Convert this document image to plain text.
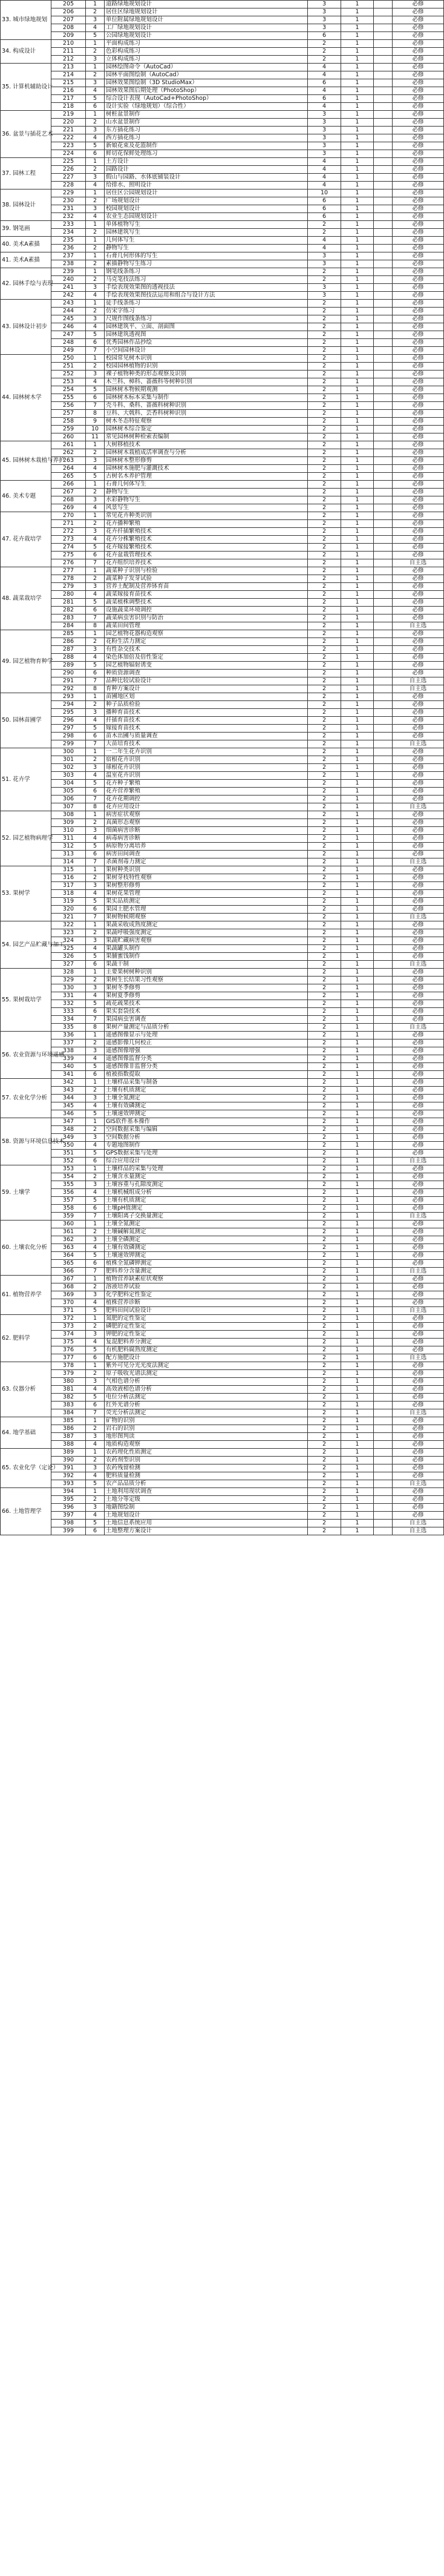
33. 城市绿地规划	205	1	道路绿地规划设计	3	1		必修
	206	2	居住区绿地规划设计	3	1		必修
	207	3	单位附属绿地规划设计	3	1		必修
	208	4	工厂绿地规划设计	3	1		必修
	209	5	公园绿地规划设计	6	1		必修
34. 构成设计	210	1	平面构成练习	2	1		必修
	211	2	色彩构成练习	2	1		必修
	212	3	立体构成练习	2	1		必修
35. 计算机辅助设计	213	1	园林绘图命令（AutoCad）	4	1		必修
	214	2	园林平面图绘制（AutoCad）	4	1		必修
	215	3	园林效果图绘制（3D StudioMax）	6	1		必修
	216	4	园林效果图后期处理（PhotoShop）	4	1		必修
	217	5	综合设计表现（AutoCad+PhotoShop）	6	1		必修
	218	6	设计实验（绿地规划）（综合性）	4	1		必修
36. 盆景与插花艺术	219	1	树桩盆景制作	3	1		必修
	220	2	山水盆景制作	3	1		必修
	221	3	东方插花练习	3	1		必修
	222	4	西方插花练习	3	1		必修
	223	5	新娘花束及花篮制作	3	1		必修
	224	6	鲜切花保鲜处理练习	3	1		必修
37. 园林工程	225	1	土方设计	4	1		必修
	226	2	园路设计	4	1		必修
	227	3	假山与园路、水体底铺装设计	4	1		必修
	228	4	给排水、照明设计	4	1		必修
38. 园林设计	229	1	居住区公园规划设计	10	1		必修
	230	2	广场规划设计	6	1		必修
	231	3	校园规划设计	6	1		必修
	232	4	农业生态园规划设计	6	1		必修
39. 钢笔画	233	1	单体植物写生	2	1		必修
	234	2	园林建筑写生	2	1		必修
40. 美术A素描	235	1	几何体写生	4	1		必修
	236	2	静物写生	4	1		必修
41. 美术A素描	237	1	石膏几何形体的写生	3	1		必修
	238	2	素描静物写生练习	3	1		必修
42. 园林手绘与表现	239	1	钢笔线条练习	2	1		必修
	240	2	马克笔技法练习	2	1		必修
	241	3	手绘表现效果图的透视技法	3	1		必修
	242	4	手绘表现效果图技法运用和组合与设计方法	3	1		必修
43. 园林设计初步	243	1	徒手线条练习	2	1		必修
	244	2	仿宋字练习	2	1		必修
	245	3	尺规作图线条练习	2	1		必修
	246	4	园林建筑平、立面、剖面图	2	1		必修
	247	5	园林建筑透视图	2	1		必修
	248	6	优秀园林作品抄绘	2	1		必修
	249	7	小空间园林设计	2	1		必修
44. 园林树木学	250	1	校园常见树木识别	2	1		必修
	251	2	校园园林植物的识别	2	1		必修
	252	3	裸子植物种类的形态观察及识别	2	1		必修
	253	4	木兰科、樟科、蔷薇科等树种识别	2	1		必修
	254	5	园林树木物候期观测	2	1		必修
	255	6	园林树木标本采集与制作	2	1		必修
	256	7	壳斗科、桑科、蔷薇科树种识别	2	1		必修
	257	8	豆科、大戟科、芸香科树种识别	2	1		必修
	258	9	树木冬态特征观察	2	1		必修
	259	10	园林树木综合鉴定	2	1		必修
	260	11	常见园林树种检索表编制	2	1		必修
45. 园林树木栽植与养护	261	1	大树移植技术	2	1		必修
	262	2	园林树木栽植成活率调查与分析	2	1		必修
	263	3	园林树木整形修剪	2	1		必修
	264	4	园林树木施肥与灌溉技术	2	1		必修
	265	5	古树名木养护管理	2	1		必修
46. 美术专题	266	1	石膏几何体写生	2	1		必修
	267	2	静物写生	2	1		必修
	268	3	水彩静物写生	2	1		必修
	269	4	风景写生	2	1		必修
47. 花卉栽培学	270	1	常见花卉种类识别	2	1		必修
	271	2	花卉播种繁殖	2	1		必修
	272	3	花卉扦插繁殖技术	2	1		必修
	273	4	花卉分株繁殖技术	2	1		必修
	274	5	花卉嫁接繁殖技术	2	1		必修
	275	6	花卉盆栽管理技术	2	1		必修
	276	7	花卉组织培养技术	2	1		自主选
48. 蔬菜栽培学	277	1	蔬菜种子识别与检验	2	1		必修
	278	2	蔬菜种子发芽试验	2	1		必修
	279	3	营养土配制及营养钵育苗	2	1		必修
	280	4	蔬菜嫁接育苗技术	2	1		必修
	281	5	蔬菜植株调整技术	2	1		必修
	282	6	设施蔬菜环境调控	2	1		必修
	283	7	蔬菜病虫害识别与防治	2	1		必修
	284	8	蔬菜田间管理	2	1		自主选
49. 园艺植物育种学	285	1	园艺植物花器构造观察	2	1		必修
	286	2	花粉生活力测定	2	1		必修
	287	3	有性杂交技术	2	1		必修
	288	4	染色体加倍及倍性鉴定	2	1		必修
	289	5	园艺植物辐射诱变	2	1		必修
	290	6	种质资源调查	2	1		必修
	291	7	品种比较试验设计	2	1		自主选
	292	8	育种方案设计	2	1		自主选
50. 园林苗圃学	293	1	苗圃地区划	2	1		必修
	294	2	种子品质检验	2	1		必修
	295	3	播种育苗技术	2	1		必修
	296	4	扦插育苗技术	2	1		必修
	297	5	嫁接育苗技术	2	1		必修
	298	6	苗木出圃与质量调查	2	1		必修
	299	7	大苗培育技术	2	1		自主选
51. 花卉学	300	1	一二年生花卉识别	2	1		必修
	301	2	宿根花卉识别	2	1		必修
	302	3	球根花卉识别	2	1		必修
	303	4	温室花卉识别	2	1		必修
	304	5	花卉种子繁殖	2	1		必修
	305	6	花卉营养繁殖	2	1		必修
	306	7	花卉花期调控	2	1		必修
	307	8	花卉应用设计	2	1		自主选
52. 园艺植物病理学	308	1	病害症状观察	2	1		必修
	309	2	真菌形态观察	2	1		必修
	310	3	细菌病害诊断	2	1		必修
	311	4	病毒病害诊断	2	1		必修
	312	5	病原物分离培养	2	1		必修
	313	6	病害田间调查	2	1		必修
	314	7	杀菌剂毒力测定	2	1		自主选
53. 果树学	315	1	果树种类识别	2	1		必修
	316	2	果树芽枝特性观察	2	1		必修
	317	3	果树整形修剪	2	1		必修
	318	4	果树花果管理	2	1		必修
	319	5	果实品质测定	2	1		必修
	320	6	果园土肥水管理	2	1		必修
	321	7	果树物候期观察	2	1		自主选
54. 园艺产品贮藏与加工	322	1	果蔬采收成熟度测定	2	1		必修
	323	2	果蔬呼吸强度测定	2	1		必修
	324	3	果蔬贮藏病害观察	2	1		必修
	325	4	果蔬罐头制作	2	1		必修
	326	5	果脯蜜饯制作	2	1		必修
	327	6	果蔬干制	2	1		自主选
55. 果树栽培学	328	1	主要果树树种识别	2	1		必修
	329	2	果树生长结果习性观察	2	1		必修
	330	3	果树冬季修剪	2	1		必修
	331	4	果树夏季修剪	2	1		必修
	332	5	疏花疏果技术	2	1		必修
	333	6	果实套袋技术	2	1		必修
	334	7	果园病虫害调查	2	1		必修
	335	8	果树产量测定与品质分析	2	1		自主选
56. 农业资源与环境遥感	336	1	遥感图像显示与处理	2	1		必修
	337	2	遥感影像几何校正	2	1		必修
	338	3	遥感图像增强	2	1		必修
	339	4	遥感图像监督分类	2	1		必修
	340	5	遥感图像非监督分类	2	1		必修
	341	6	植被指数提取	2	1		必修
57. 农业化学分析	342	1	土壤样品采集与制备	2	1		必修
	343	2	土壤有机质测定	2	1		必修
	344	3	土壤全氮测定	2	1		必修
	345	4	土壤有效磷测定	2	1		必修
	346	5	土壤速效钾测定	2	1		必修
58. 资源与环境信息技术	347	1	GIS软件基本操作	2	1		必修
	348	2	空间数据采集与编辑	2	1		必修
	349	3	空间数据分析	2	1		必修
	350	4	专题地图制作	2	1		必修
	351	5	GPS数据采集与处理	2	1		必修
	352	6	综合应用设计	2	1		自主选
59. 土壤学	353	1	土壤样品的采集与处理	2	1		必修
	354	2	土壤含水量测定	2	1		必修
	355	3	土壤容重与孔隙度测定	2	1		必修
	356	4	土壤机械组成分析	2	1		必修
	357	5	土壤有机质测定	2	1		必修
	358	6	土壤pH值测定	2	1		必修
	359	7	土壤阳离子交换量测定	2	1		自主选
60. 土壤农化分析	360	1	土壤全氮测定	2	1		必修
	361	2	土壤碱解氮测定	2	1		必修
	362	3	土壤全磷测定	2	1		必修
	363	4	土壤有效磷测定	2	1		必修
	364	5	土壤速效钾测定	2	1		必修
	365	6	植株全氮磷钾测定	2	1		必修
	366	7	肥料养分含量测定	2	1		自主选
61. 植物营养学	367	1	植物营养缺素症状观察	2	1		必修
	368	2	溶液培养试验	2	1		必修
	369	3	化学肥料定性鉴定	2	1		必修
	370	4	植株营养诊断	2	1		必修
	371	5	肥料田间试验设计	2	1		自主选
62. 肥料学	372	1	氮肥的定性鉴定	2	1		必修
	373	2	磷肥的定性鉴定	2	1		必修
	374	3	钾肥的定性鉴定	2	1		必修
	375	4	复混肥料养分测定	2	1		必修
	376	5	有机肥料腐熟度测定	2	1		必修
	377	6	配方施肥设计	2	1		自主选
63. 仪器分析	378	1	紫外可见分光光度法测定	2	1		必修
	379	2	原子吸收光谱法测定	2	1		必修
	380	3	气相色谱分析	2	1		必修
	381	4	高效液相色谱分析	2	1		必修
	382	5	电位分析法测定	2	1		必修
	383	6	红外光谱分析	2	1		必修
	384	7	荧光分析法测定	2	1		自主选
64. 地学基础	385	1	矿物的识别	2	1		必修
	386	2	岩石的识别	2	1		必修
	387	3	地形图判读	2	1		必修
	388	4	地质构造观察	2	1		必修
65. 农业化学（定论）	389	1	农药理化性质测定	2	1		必修
	390	2	农药剂型识别	2	1		必修
	391	3	农药残留检测	2	1		必修
	392	4	肥料质量检测	2	1		必修
	393	5	农产品品质分析	2	1		自主选
66. 土地管理学	394	1	土地利用现状调查	2	1		必修
	395	2	土地分等定级	2	1		必修
	396	3	地籍图绘制	2	1		必修
	397	4	土地规划设计	2	1		必修
	398	5	土地信息系统应用	2	1		自主选
	399	6	土地整理方案设计	2	1		自主选
